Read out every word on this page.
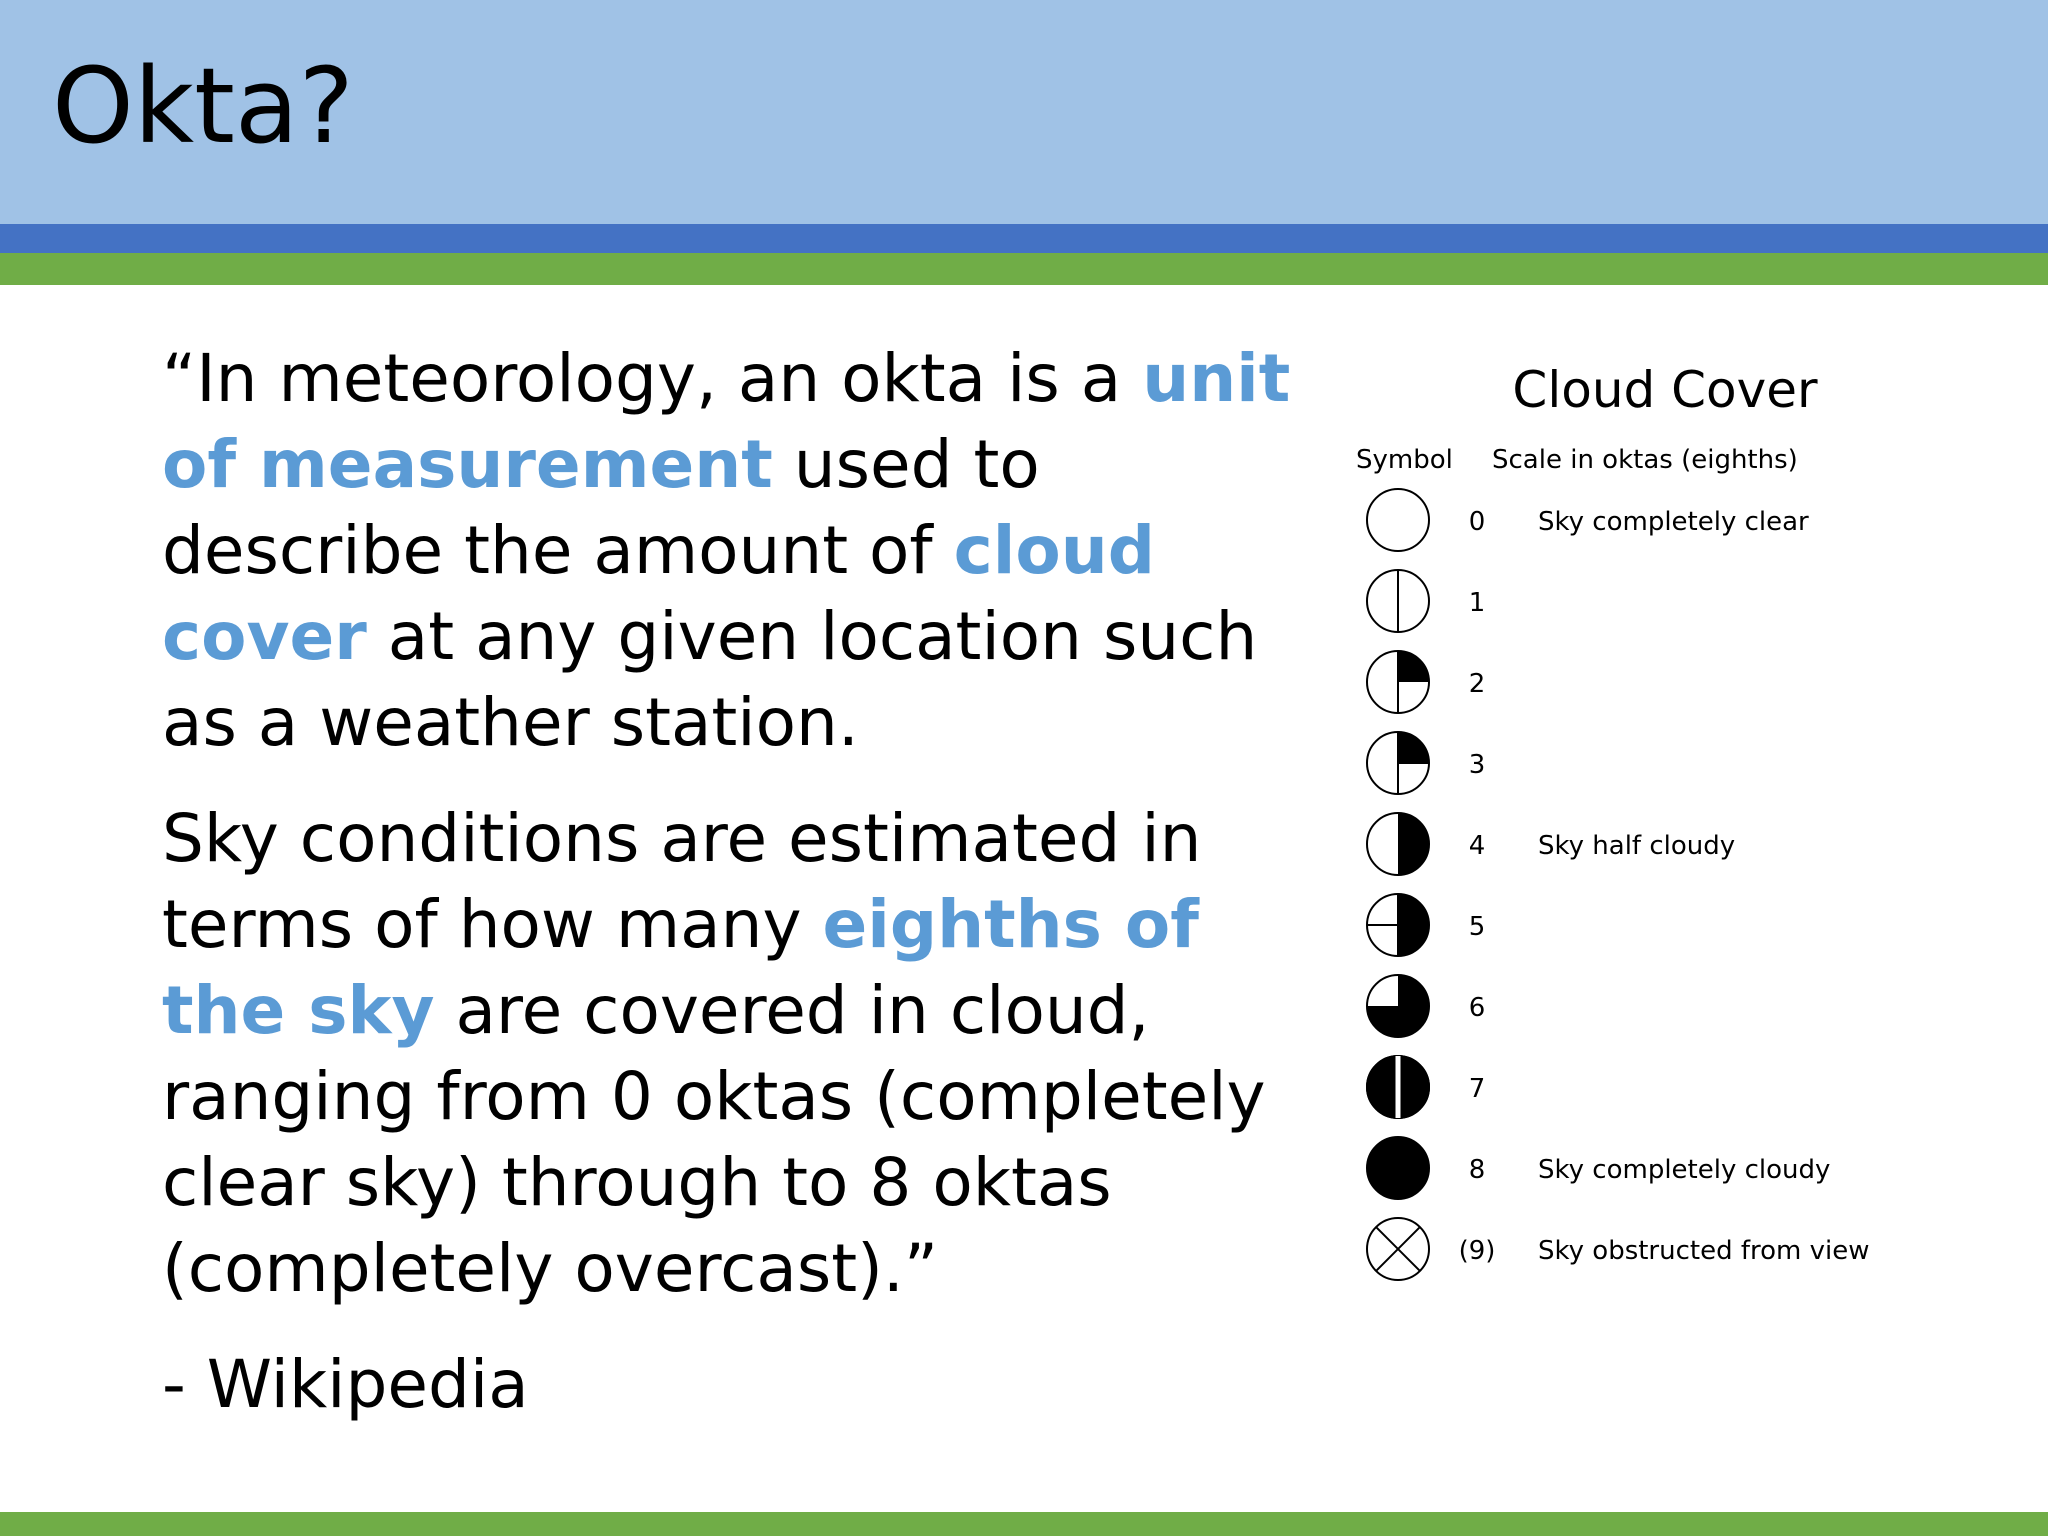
Okta?

“In meteorology, an okta is a unit of measurement used to describe the amount of cloud cover at any given location such as a weather station.

Sky conditions are estimated in terms of how many eighths of the sky are covered in cloud, ranging from 0 oktas (completely clear sky) through to 8 oktas (completely overcast).”

- Wikipedia

Cloud Cover
Symbol Scale in oktas (eighths)
0	Sky completely clear
1
2
3
4	Sky half cloudy
5
6
7
8	Sky completely cloudy
(9) Sky obstructed from view
